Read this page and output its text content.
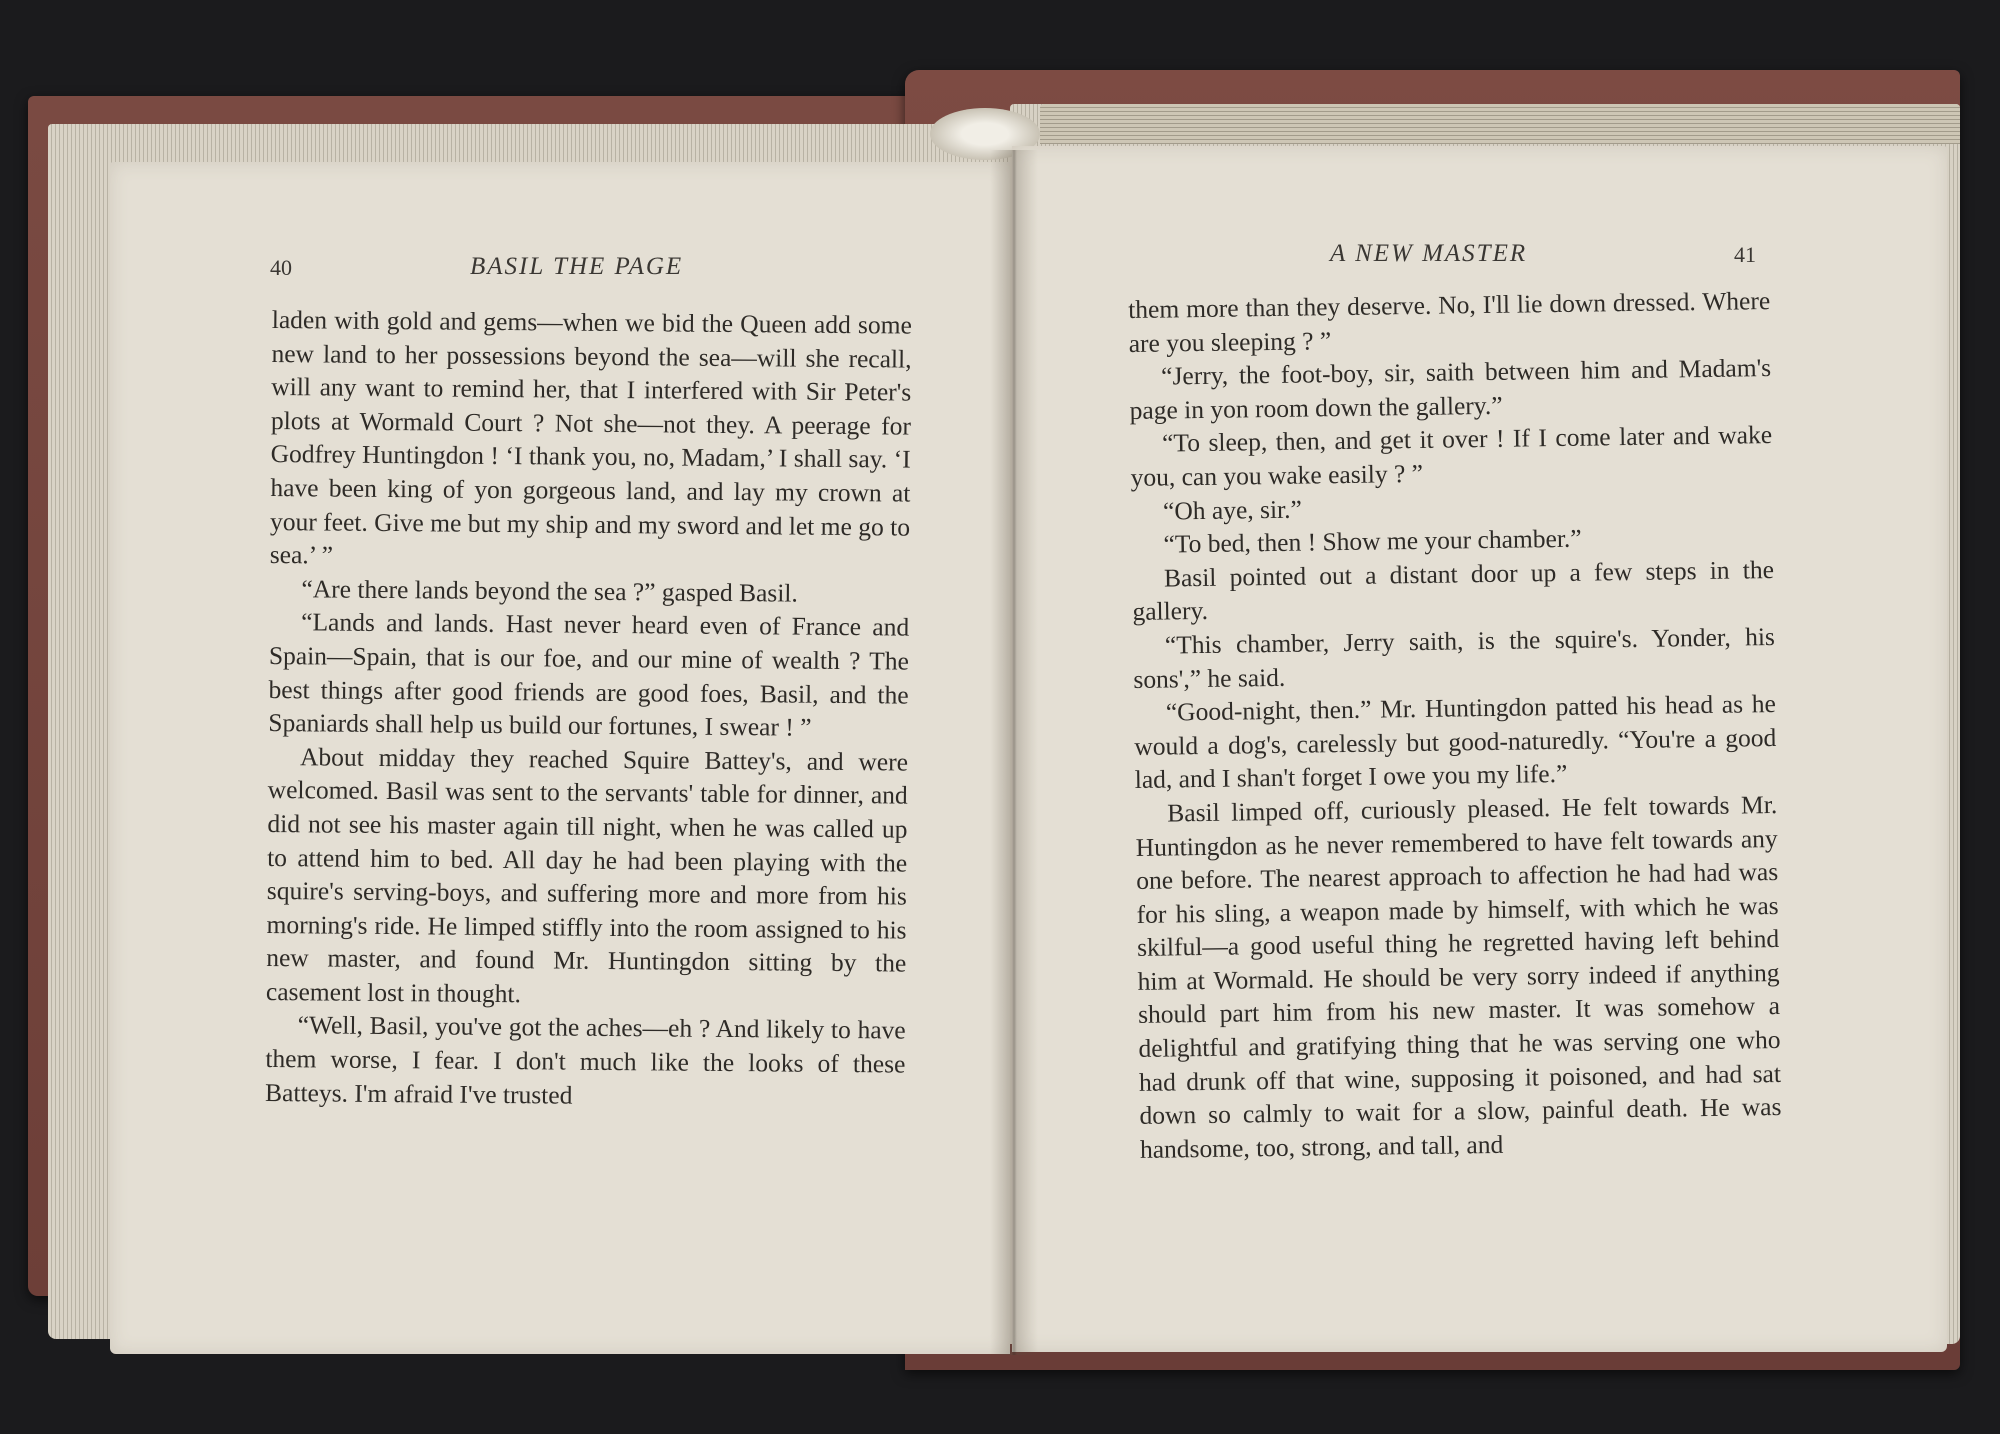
40	BASIL THE PAGE	A NEW MASTER	41

laden with gold and gems—when we bid the Queen add some new land to her possessions beyond the sea—will she recall, will any want to remind her, that I interfered with Sir Peter's plots at Wormald Court ? Not she—not they. A peerage for Godfrey Huntingdon ! ‘I thank you, no, Madam,’ I shall say. ‘I have been king of yon gorgeous land, and lay my crown at your feet. Give me but my ship and my sword and let me go to sea.’ ”

“Are there lands beyond the sea ?” gasped Basil.

“Lands and lands. Hast never heard even of France and Spain—Spain, that is our foe, and our mine of wealth ? The best things after good friends are good foes, Basil, and the Spaniards shall help us build our fortunes, I swear ! ”

About midday they reached Squire Battey's, and were welcomed. Basil was sent to the servants' table for dinner, and did not see his master again till night, when he was called up to attend him to bed. All day he had been playing with the squire's serving-boys, and suffering more and more from his morning's ride. He limped stiffly into the room assigned to his new master, and found Mr. Huntingdon sitting by the casement lost in thought.

“Well, Basil, you've got the aches—eh ? And likely to have them worse, I fear. I don't much like the looks of these Batteys. I'm afraid I've trusted

them more than they deserve. No, I'll lie down dressed. Where are you sleeping ? ”

“Jerry, the foot-boy, sir, saith between him and Madam's page in yon room down the gallery.”

“To sleep, then, and get it over ! If I come later and wake you, can you wake easily ? ”

“Oh aye, sir.”

“To bed, then ! Show me your chamber.”

Basil pointed out a distant door up a few steps in the gallery.

“This chamber, Jerry saith, is the squire's. Yonder, his sons',” he said.

“Good-night, then.” Mr. Huntingdon patted his head as he would a dog's, carelessly but good-naturedly. “You're a good lad, and I shan't forget I owe you my life.”

Basil limped off, curiously pleased. He felt towards Mr. Huntingdon as he never remembered to have felt towards any one before. The nearest approach to affection he had had was for his sling, a weapon made by himself, with which he was skilful—a good useful thing he regretted having left behind him at Wormald. He should be very sorry indeed if anything should part him from his new master. It was somehow a delightful and gratifying thing that he was serving one who had drunk off that wine, supposing it poisoned, and had sat down so calmly to wait for a slow, painful death. He was handsome, too, strong, and tall, and
